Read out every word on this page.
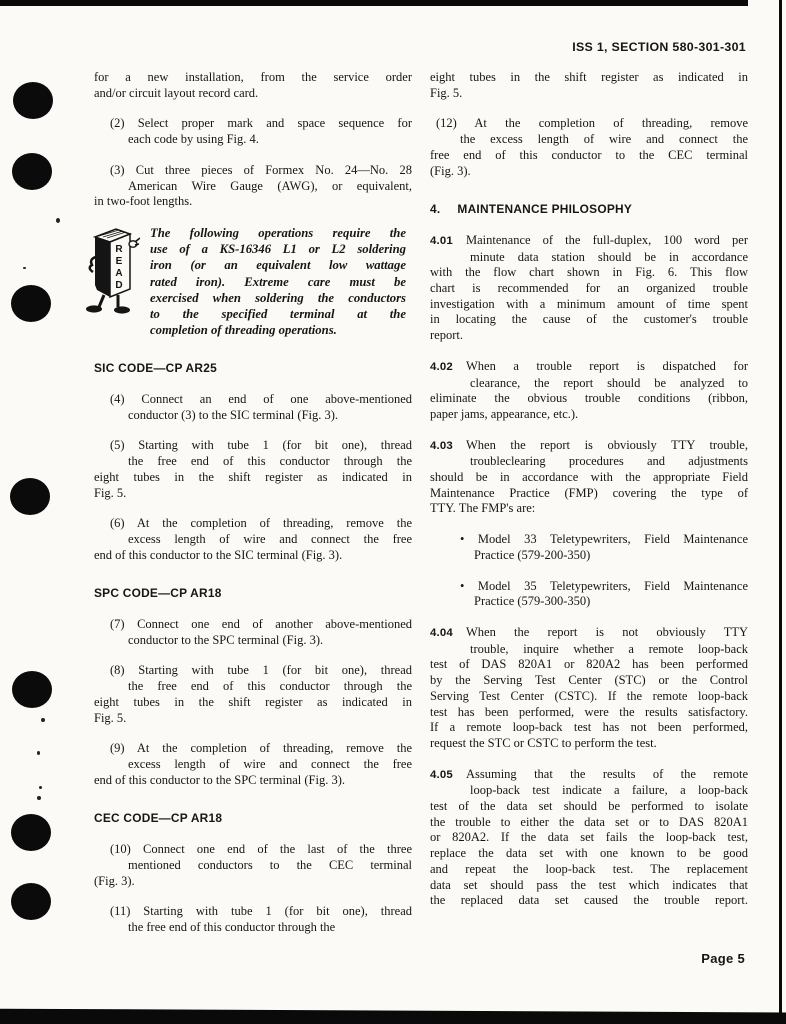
ISS 1, SECTION 580-301-301
Page 5
R
E
A
D
for a new installation, from the service order
and/or circuit layout record card.
(2) Select proper mark and space sequence for
each code by using Fig. 4.
(3) Cut three pieces of Formex No. 24—No. 28
American Wire Gauge (AWG), or equivalent,
in two-foot lengths.
The following operations require the
use of a KS-16346 L1 or L2 soldering
iron (or an equivalent low wattage
rated iron). Extreme care must be
exercised when soldering the conductors
to the specified terminal at the
completion of threading operations.
SIC CODE—CP AR25
(4) Connect an end of one above-mentioned
conductor (3) to the SIC terminal (Fig. 3).
(5) Starting with tube 1 (for bit one), thread
the free end of this conductor through the
eight tubes in the shift register as indicated in
Fig. 5.
(6) At the completion of threading, remove the
excess length of wire and connect the free
end of this conductor to the SIC terminal (Fig. 3).
SPC CODE—CP AR18
(7) Connect one end of another above-mentioned
conductor to the SPC terminal (Fig. 3).
(8) Starting with tube 1 (for bit one), thread
the free end of this conductor through the
eight tubes in the shift register as indicated in
Fig. 5.
(9) At the completion of threading, remove the
excess length of wire and connect the free
end of this conductor to the SPC terminal (Fig. 3).
CEC CODE—CP AR18
(10) Connect one end of the last of the three
mentioned conductors to the CEC terminal
(Fig. 3).
(11) Starting with tube 1 (for bit one), thread
the free end of this conductor through the
eight tubes in the shift register as indicated in
Fig. 5.
(12) At the completion of threading, remove
the excess length of wire and connect the
free end of this conductor to the CEC terminal
(Fig. 3).
4. MAINTENANCE PHILOSOPHY
4.01 Maintenance of the full-duplex, 100 word per
minute data station should be in accordance
with the flow chart shown in Fig. 6. This flow
chart is recommended for an organized trouble
investigation with a minimum amount of time spent
in locating the cause of the customer's trouble
report.
4.02 When a trouble report is dispatched for
clearance, the report should be analyzed to
eliminate the obvious trouble conditions (ribbon,
paper jams, appearance, etc.).
4.03 When the report is obviously TTY trouble,
troubleclearing procedures and adjustments
should be in accordance with the appropriate Field
Maintenance Practice (FMP) covering the type of
TTY. The FMP's are:
• Model 33 Teletypewriters, Field Maintenance
Practice (579-200-350)
• Model 35 Teletypewriters, Field Maintenance
Practice (579-300-350)
4.04 When the report is not obviously TTY
trouble, inquire whether a remote loop-back
test of DAS 820A1 or 820A2 has been performed
by the Serving Test Center (STC) or the Control
Serving Test Center (CSTC). If the remote loop-back
test has been performed, were the results satisfactory.
If a remote loop-back test has not been performed,
request the STC or CSTC to perform the test.
4.05 Assuming that the results of the remote
loop-back test indicate a failure, a loop-back
test of the data set should be performed to isolate
the trouble to either the data set or to DAS 820A1
or 820A2. If the data set fails the loop-back test,
replace the data set with one known to be good
and repeat the loop-back test. The replacement
data set should pass the test which indicates that
the replaced data set caused the trouble report.
